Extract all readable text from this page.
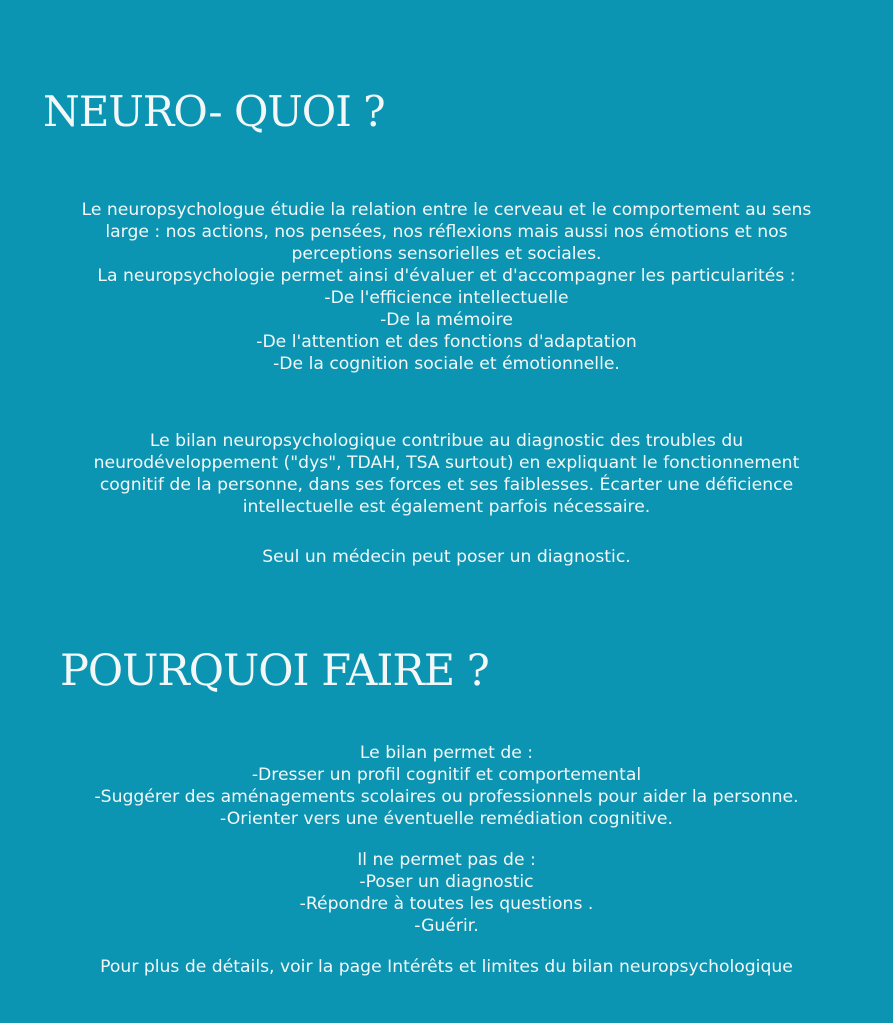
NEURO- QUOI ?
Le neuropsychologue étudie la relation entre le cerveau et le comportement au sens
large : nos actions, nos pensées, nos réflexions mais aussi nos émotions et nos
perceptions sensorielles et sociales.
La neuropsychologie permet ainsi d'évaluer et d'accompagner les particularités :
-De l'efficience intellectuelle
-De la mémoire
-De l'attention et des fonctions d'adaptation
-De la cognition sociale et émotionnelle.
Le bilan neuropsychologique contribue au diagnostic des troubles du
neurodéveloppement ("dys", TDAH, TSA surtout) en expliquant le fonctionnement
cognitif de la personne, dans ses forces et ses faiblesses. Écarter une déficience
intellectuelle est également parfois nécessaire.
Seul un médecin peut poser un diagnostic.
POURQUOI FAIRE ?
Le bilan permet de :
-Dresser un profil cognitif et comportemental
-Suggérer des aménagements scolaires ou professionnels pour aider la personne.
-Orienter vers une éventuelle remédiation cognitive.
Il ne permet pas de :
-Poser un diagnostic
-Répondre à toutes les questions .
-Guérir.
Pour plus de détails, voir la page Intérêts et limites du bilan neuropsychologique
